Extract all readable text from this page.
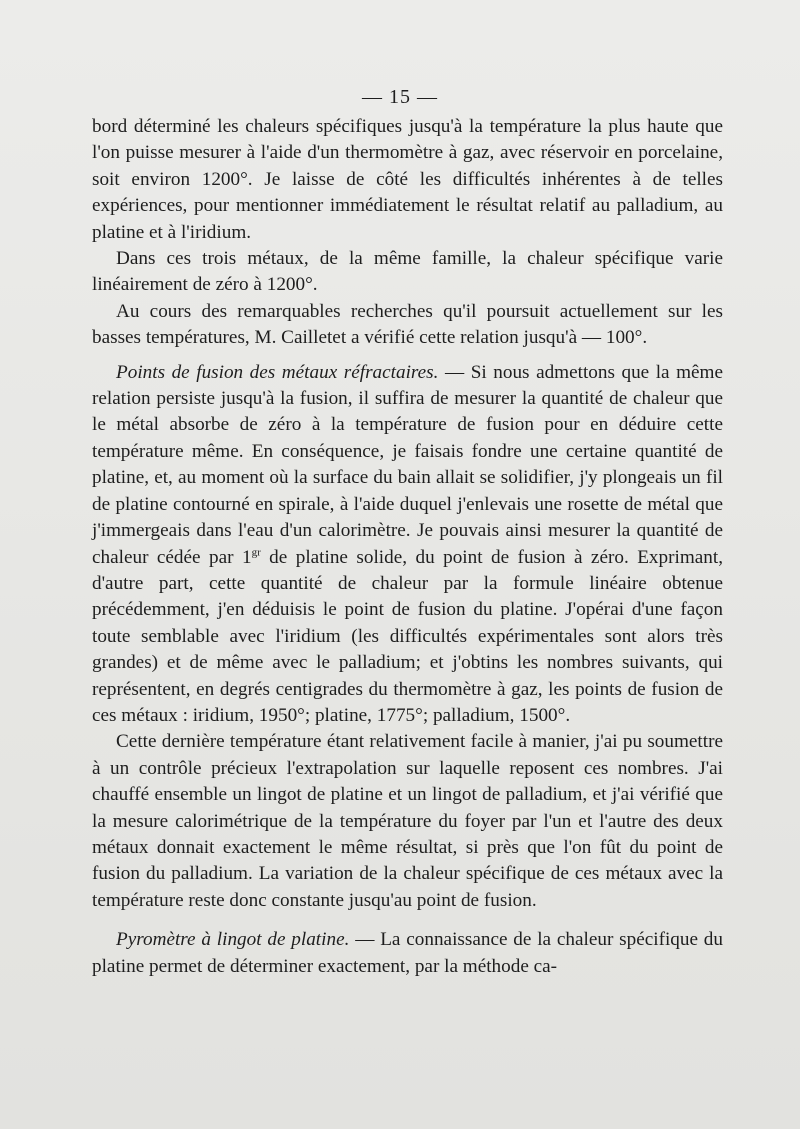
— 15 —

bord déterminé les chaleurs spécifiques jusqu'à la température la plus haute que l'on puisse mesurer à l'aide d'un thermomètre à gaz, avec réservoir en porcelaine, soit environ 1200°. Je laisse de côté les difficultés inhérentes à de telles expériences, pour mentionner immédiatement le résultat relatif au palladium, au platine et à l'iridium.

Dans ces trois métaux, de la même famille, la chaleur spécifique varie linéairement de zéro à 1200°.

Au cours des remarquables recherches qu'il poursuit actuellement sur les basses températures, M. Cailletet a vérifié cette relation jusqu'à — 100°.

Points de fusion des métaux réfractaires. — Si nous admettons que la même relation persiste jusqu'à la fusion, il suffira de mesurer la quantité de chaleur que le métal absorbe de zéro à la température de fusion pour en déduire cette température même. En conséquence, je faisais fondre une certaine quantité de platine, et, au moment où la surface du bain allait se solidifier, j'y plongeais un fil de platine contourné en spirale, à l'aide duquel j'enlevais une rosette de métal que j'immergeais dans l'eau d'un calorimètre. Je pouvais ainsi mesurer la quantité de chaleur cédée par $1^{gr}$ de platine solide, du point de fusion à zéro. Exprimant, d'autre part, cette quantité de chaleur par la formule linéaire obtenue précédemment, j'en déduisis le point de fusion du platine. J'opérai d'une façon toute semblable avec l'iridium (les difficultés expérimentales sont alors très grandes) et de même avec le palladium; et j'obtins les nombres suivants, qui représentent, en degrés centigrades du thermomètre à gaz, les points de fusion de ces métaux : iridium, 1950°; platine, 1775°; palladium, 1500°.

Cette dernière température étant relativement facile à manier, j'ai pu soumettre à un contrôle précieux l'extrapolation sur laquelle reposent ces nombres. J'ai chauffé ensemble un lingot de platine et un lingot de palladium, et j'ai vérifié que la mesure calorimétrique de la température du foyer par l'un et l'autre des deux métaux donnait exactement le même résultat, si près que l'on fût du point de fusion du palladium. La variation de la chaleur spécifique de ces métaux avec la température reste donc constante jusqu'au point de fusion.

Pyromètre à lingot de platine. — La connaissance de la chaleur spécifique du platine permet de déterminer exactement, par la méthode ca-
